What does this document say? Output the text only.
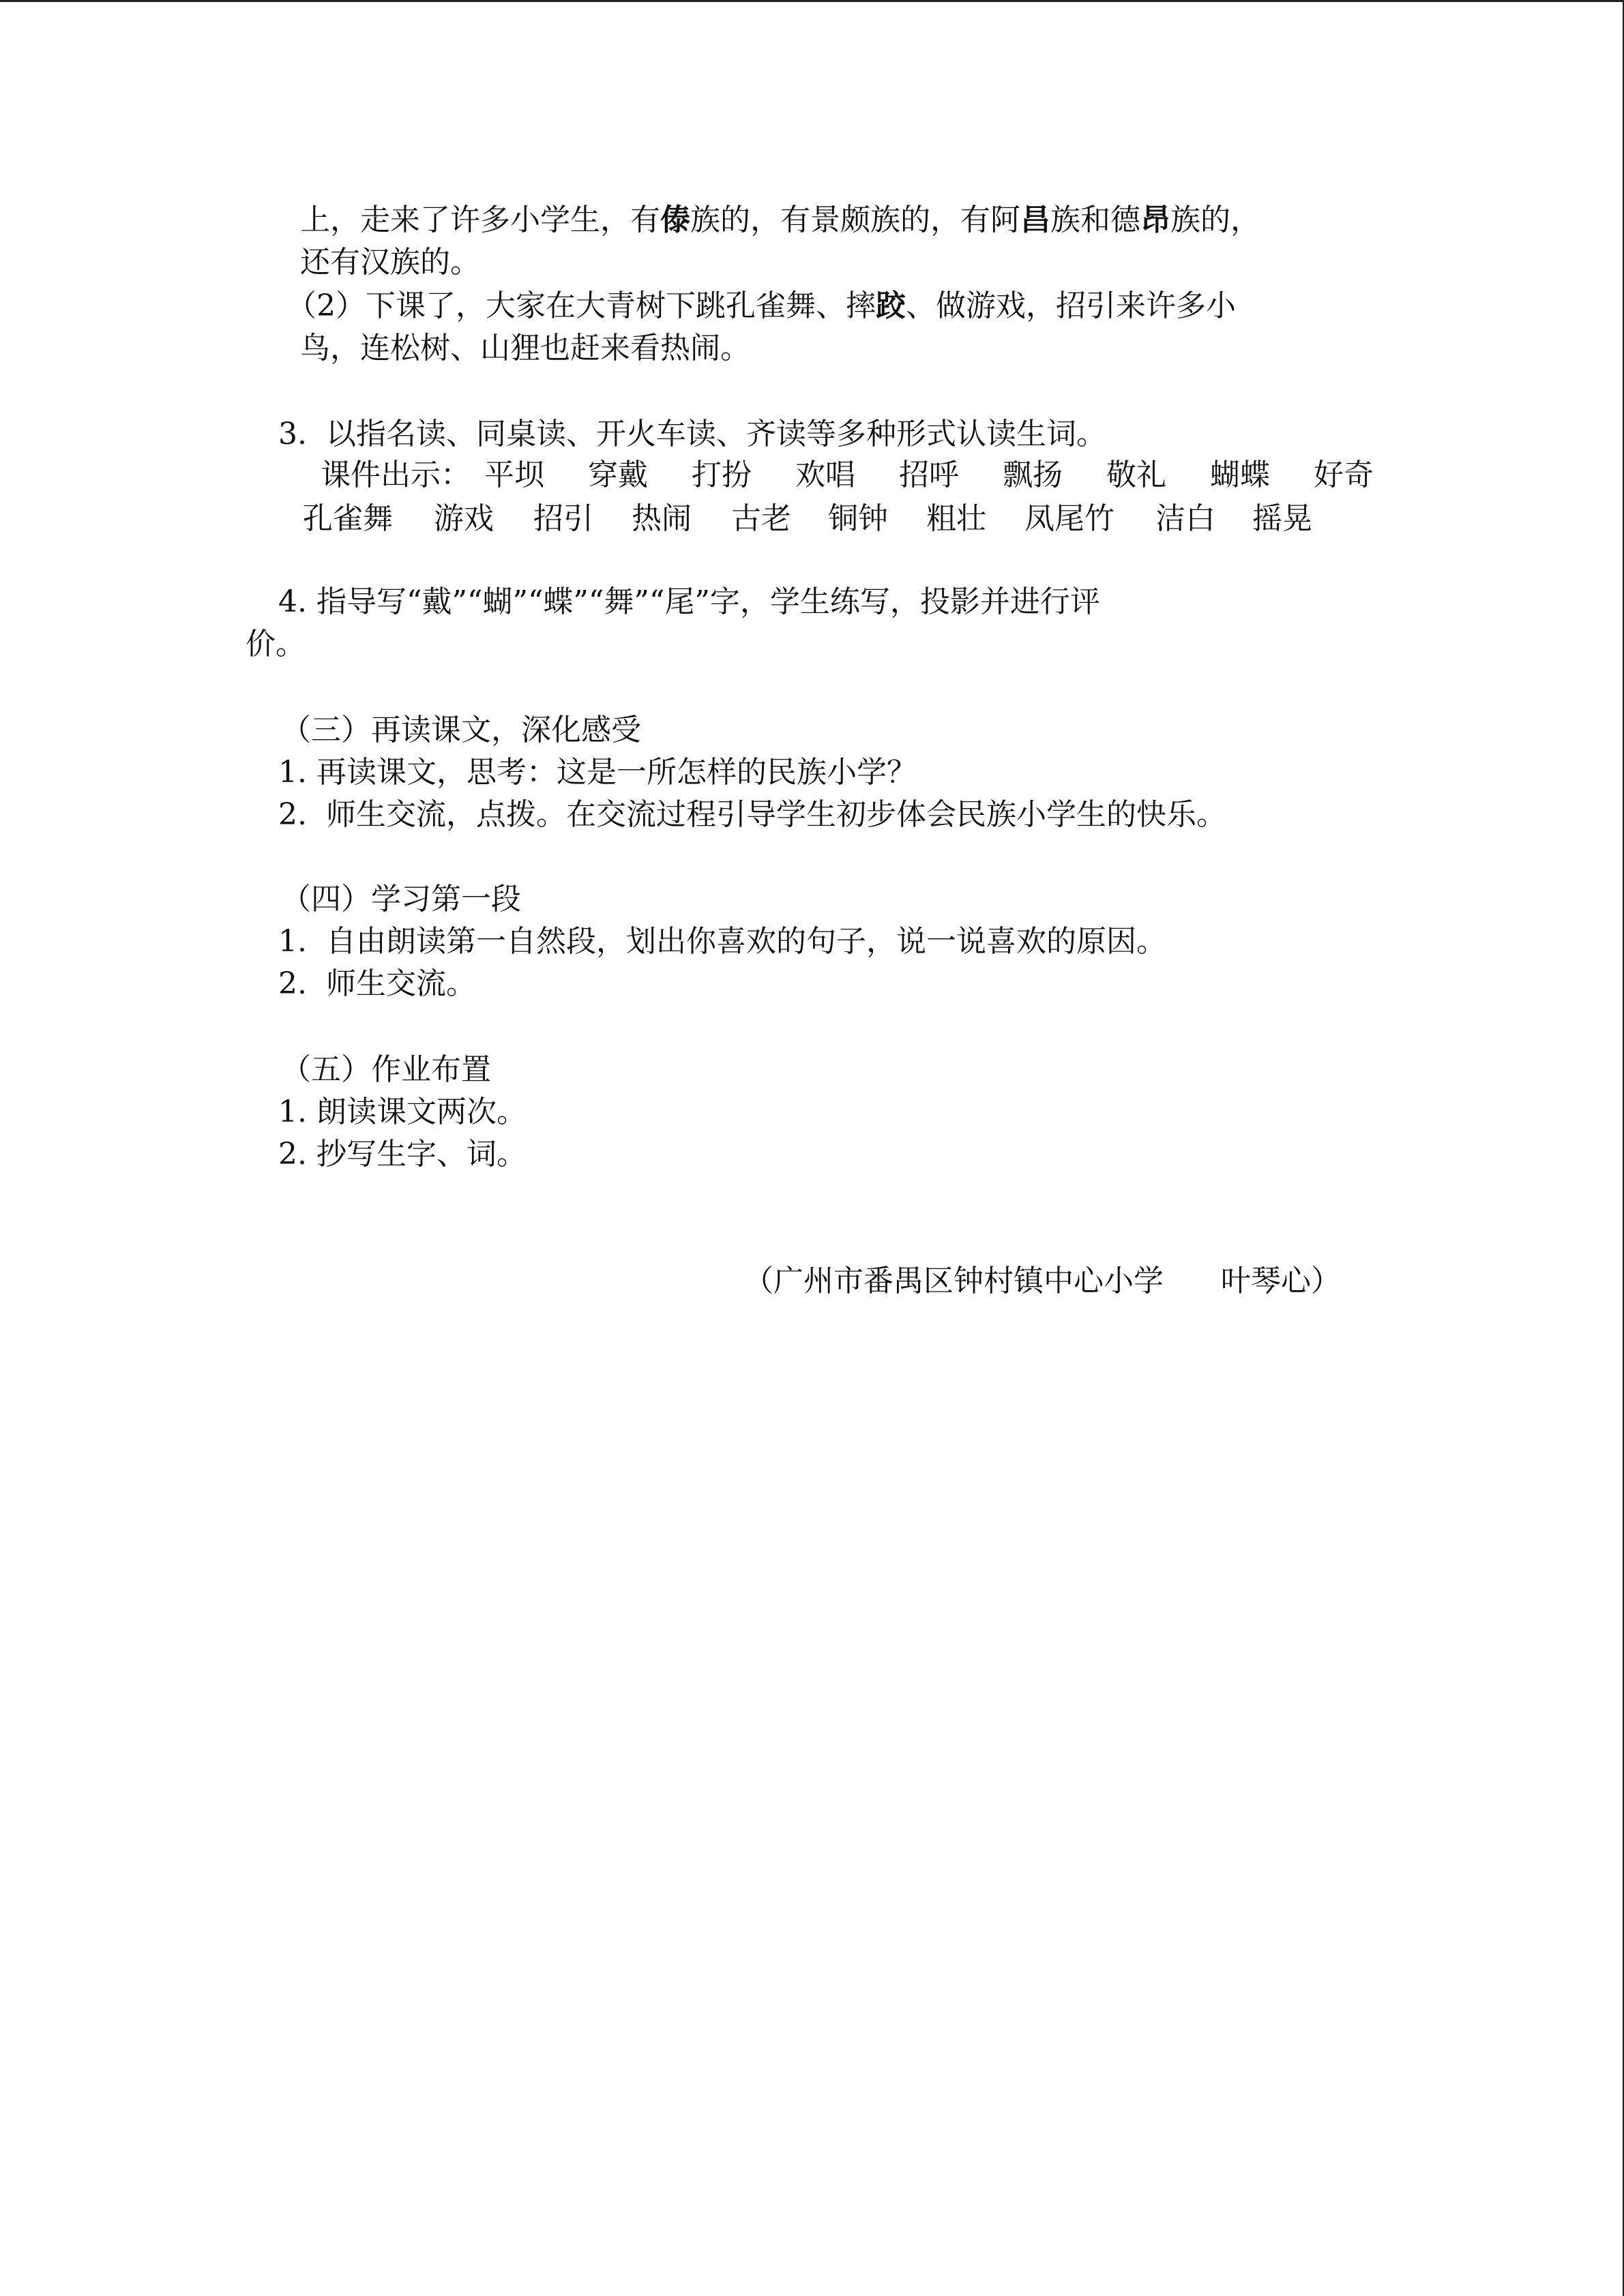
上，走来了许多小学生，有傣族的，有景颇族的，有阿昌族和德昂族的，
还有汉族的。
（2）下课了，大家在大青树下跳孔雀舞、摔跤、做游戏，招引来许多小
鸟，连松树、山狸也赶来看热闹。
3.  以指名读、同桌读、开火车读、齐读等多种形式认读生词。
课件出示： 平坝 穿戴 打扮 欢唱 招呼 飘扬 敬礼 蝴蝶 好奇
孔雀舞 游戏 招引 热闹 古老 铜钟 粗壮 凤尾竹 洁白 摇晃
4. 指导写“戴”“蝴”“蝶”“舞”“尾”字，学生练写，投影并进行评
价。
（三）再读课文，深化感受
1. 再读课文，思考：这是一所怎样的民族小学？
2.  师生交流，点拨。在交流过程引导学生初步体会民族小学生的快乐。
（四）学习第一段
1.  自由朗读第一自然段，划出你喜欢的句子，说一说喜欢的原因。
2.  师生交流。
（五）作业布置
1. 朗读课文两次。
2. 抄写生字、词。
（广州市番禺区钟村镇中心小学      叶琴心）
